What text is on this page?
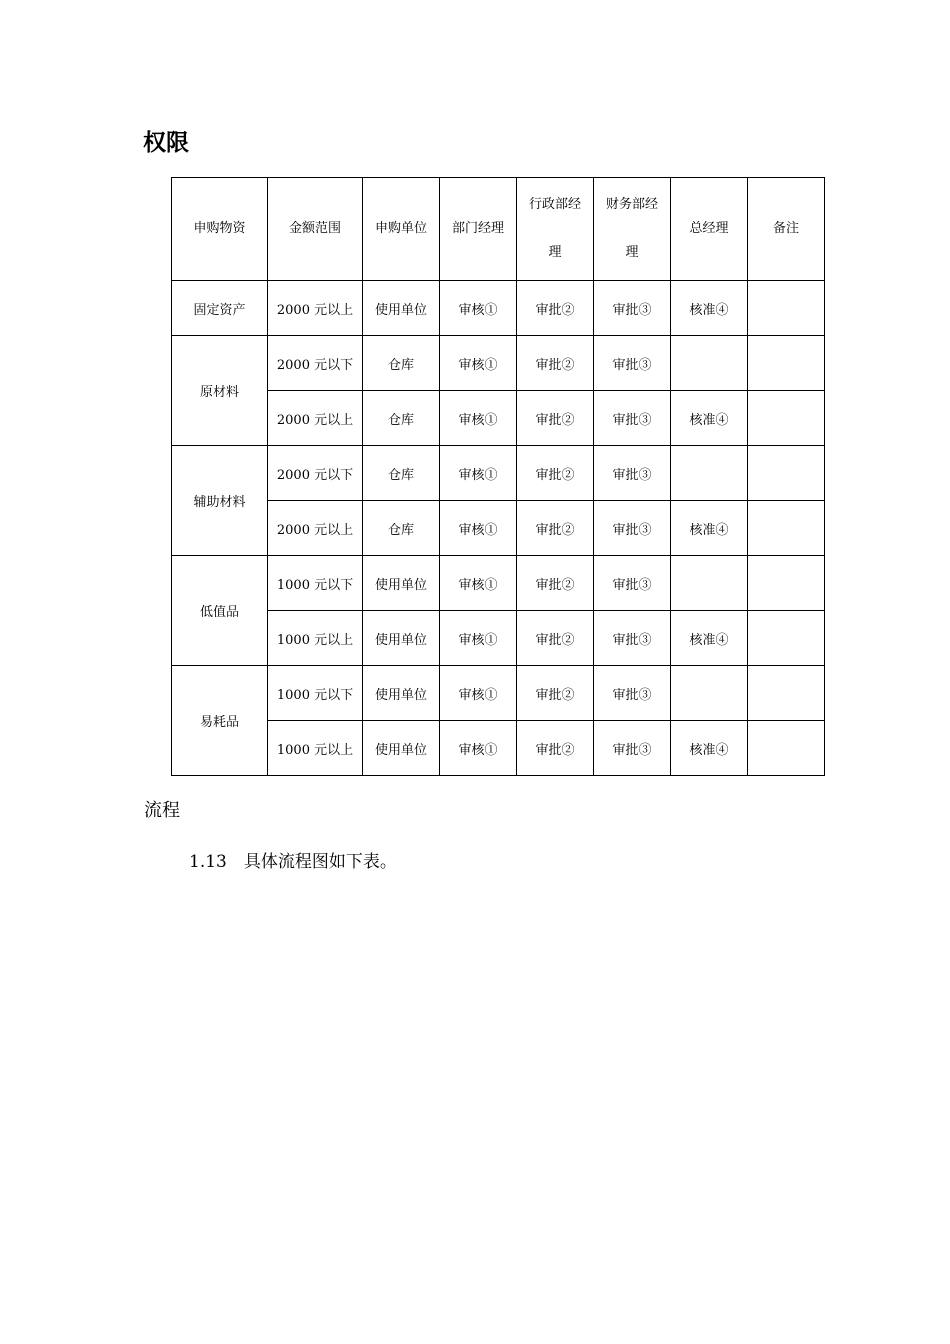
权限
申购物资	金额范围	申购单位	部门经理	行政部经
理	财务部经
理	总经理	备注

固定资产	2000 元以上	使用单位	审核①	审批②	审批③	核准④	
原材料	2000 元以下	仓库	审核①	审批②	审批③		
	2000 元以上	仓库	审核①	审批②	审批③	核准④	
辅助材料	2000 元以下	仓库	审核①	审批②	审批③		
	2000 元以上	仓库	审核①	审批②	审批③	核准④	
低值品	1000 元以下	使用单位	审核①	审批②	审批③		
	1000 元以上	使用单位	审核①	审批②	审批③	核准④	
易耗品	1000 元以下	使用单位	审核①	审批②	审批③		
	1000 元以上	使用单位	审核①	审批②	审批③	核准④	
流程
1.13　具体流程图如下表。
